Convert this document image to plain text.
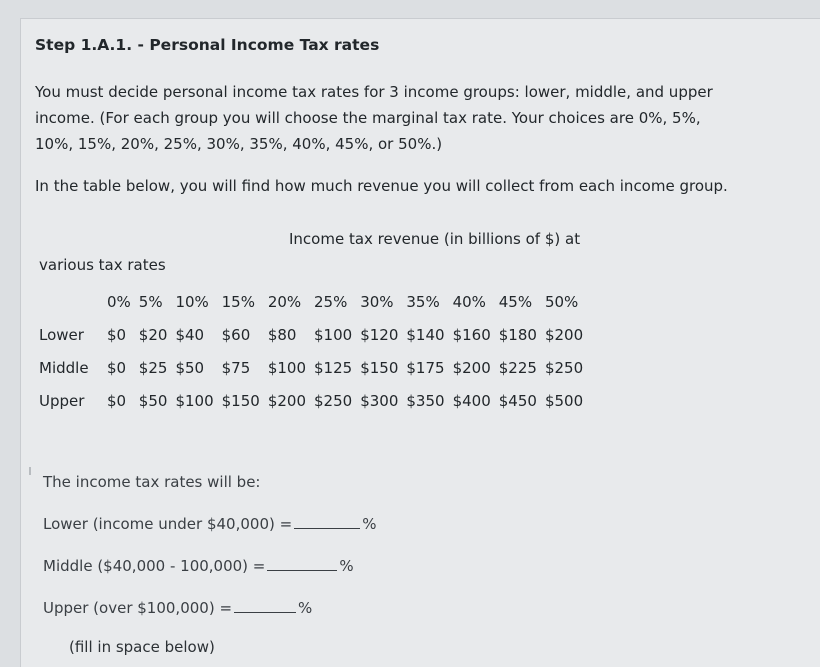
Step 1.A.1. - Personal Income Tax rates

You must decide personal income tax rates for 3 income groups: lower, middle, and upper

income. (For each group you will choose the marginal tax rate. Your choices are 0%, 5%,

10%, 15%, 20%, 25%, 30%, 35%, 40%, 45%, or 50%.)

In the table below, you will find how much revenue you will collect from each income group.
Income tax revenue (in billions of $) at
various tax rates
	0%	5%	10%	15%	20%	25%	30%	35%	40%	45%	50%
Lower	$0	$20	$40	$60	$80	$100	$120	$140	$160	$180	$200
Middle	$0	$25	$50	$75	$100	$125	$150	$175	$200	$225	$250
Upper	$0	$50	$100	$150	$200	$250	$300	$350	$400	$450	$500
The income tax rates will be:
Lower (income under $40,000) =	%
Middle ($40,000 - 100,000) =	%
Upper (over $100,000) =	%
(fill in space below)
